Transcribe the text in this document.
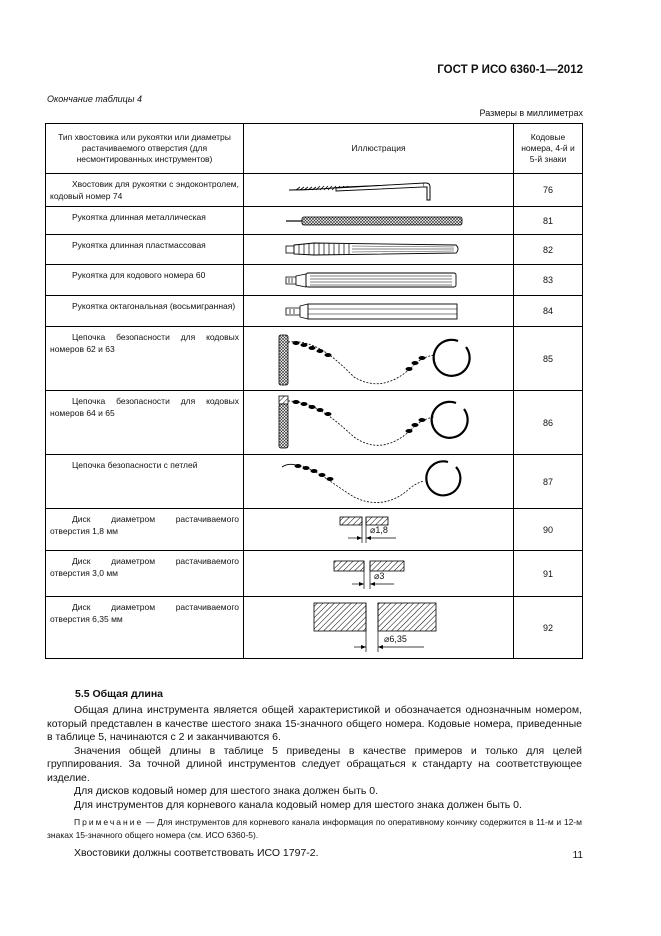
ГОСТ Р ИСО 6360-1—2012
Окончание таблицы 4
Размеры в миллиметрах
Тип хвостовика или рукоятки или диаметры растачиваемого отверстия (для несмонтированных инструментов)	Иллюстрация	Кодовые номера, 4-й и 5-й знаки
Хвостовик для рукоятки с эндоконтролем, кодовый номер 74		76
Рукоятка длинная металлическая		81
Рукоятка длинная пластмассовая		82
Рукоятка для кодового номера 60		83
Рукоятка октагональная (восьмигранная)		84
Цепочка безопасности для кодовых номеров 62 и 63		85
Цепочка безопасности для кодовых номеров 64 и 65		86
Цепочка безопасности с петлей		87
Диск диаметром растачиваемого отверстия 1,8 мм	⌀1,8	90
Диск диаметром растачиваемого отверстия 3,0 мм	⌀3	91
Диск диаметром растачиваемого отверстия 6,35 мм	⌀6,35	92
5.5 Общая длина

Общая длина инструмента является общей характеристикой и обозначается однозначным номером, который представлен в качестве шестого знака 15-значного общего номера. Кодовые номера, приведенные в таблице 5, начинаются с 2 и заканчиваются 6.

Значения общей длины в таблице 5 приведены в качестве примеров и только для целей группирования. За точной длиной инструментов следует обращаться к стандарту на соответствующее изделие.

Для дисков кодовый номер для шестого знака должен быть 0.

Для инструментов для корневого канала кодовый номер для шестого знака должен быть 0.

Примечание — Для инструментов для корневого канала информация по оперативному кончику содержится в 11-м и 12-м знаках 15-значного общего номера (см. ИСО 6360-5).

Хвостовики должны соответствовать ИСО 1797-2.	11
